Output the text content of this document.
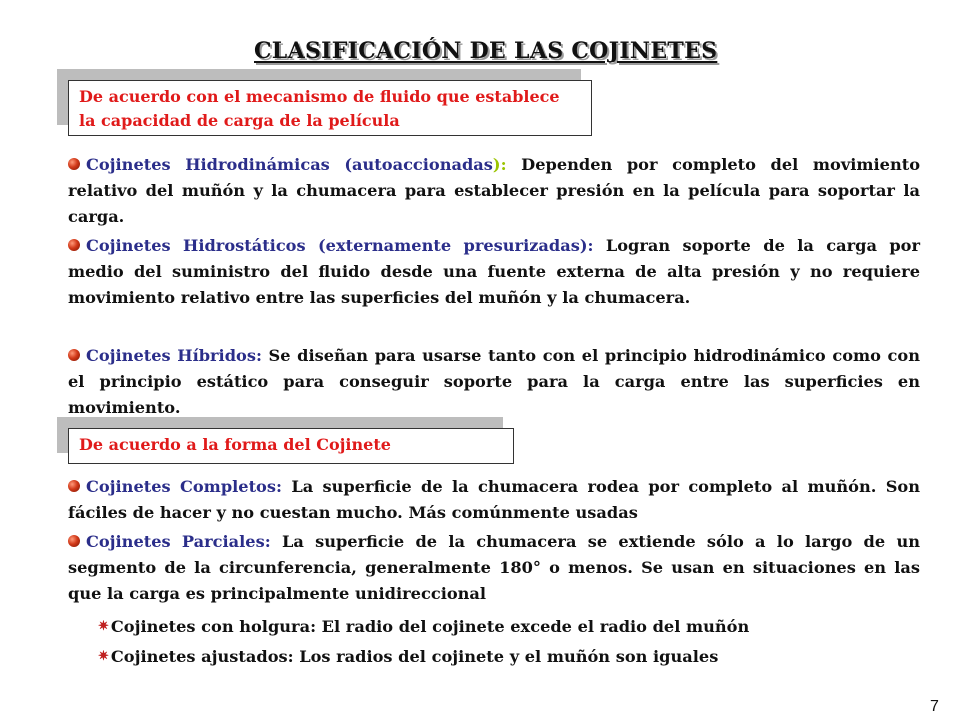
CLASIFICACIÓN DE LAS COJINETES
De acuerdo con el mecanismo de fluido que establece la capacidad de carga de la película
Cojinetes Hidrodinámicas (autoaccionadas): Dependen por completo del movimiento relativo del muñón y la chumacera para establecer presión en la película para soportar la carga.
Cojinetes Hidrostáticos (externamente presurizadas): Logran soporte de la carga por medio del suministro del fluido desde una fuente externa de alta presión y no requiere movimiento relativo entre las superficies del muñón y la chumacera.
Cojinetes Híbridos: Se diseñan para usarse tanto con el principio hidrodinámico como con el principio estático para conseguir soporte para la carga entre las superficies en movimiento.
De acuerdo a la forma del Cojinete
Cojinetes Completos: La superficie de la chumacera rodea por completo al muñón. Son fáciles de hacer y no cuestan mucho. Más comúnmente usadas
Cojinetes Parciales: La superficie de la chumacera se extiende sólo a lo largo de un segmento de la circunferencia, generalmente 180° o menos. Se usan en situaciones en las que la carga es principalmente unidireccional
✷ Cojinetes con holgura: El radio del cojinete excede el radio del muñón
✷ Cojinetes ajustados: Los radios del cojinete y el muñón son iguales
7
